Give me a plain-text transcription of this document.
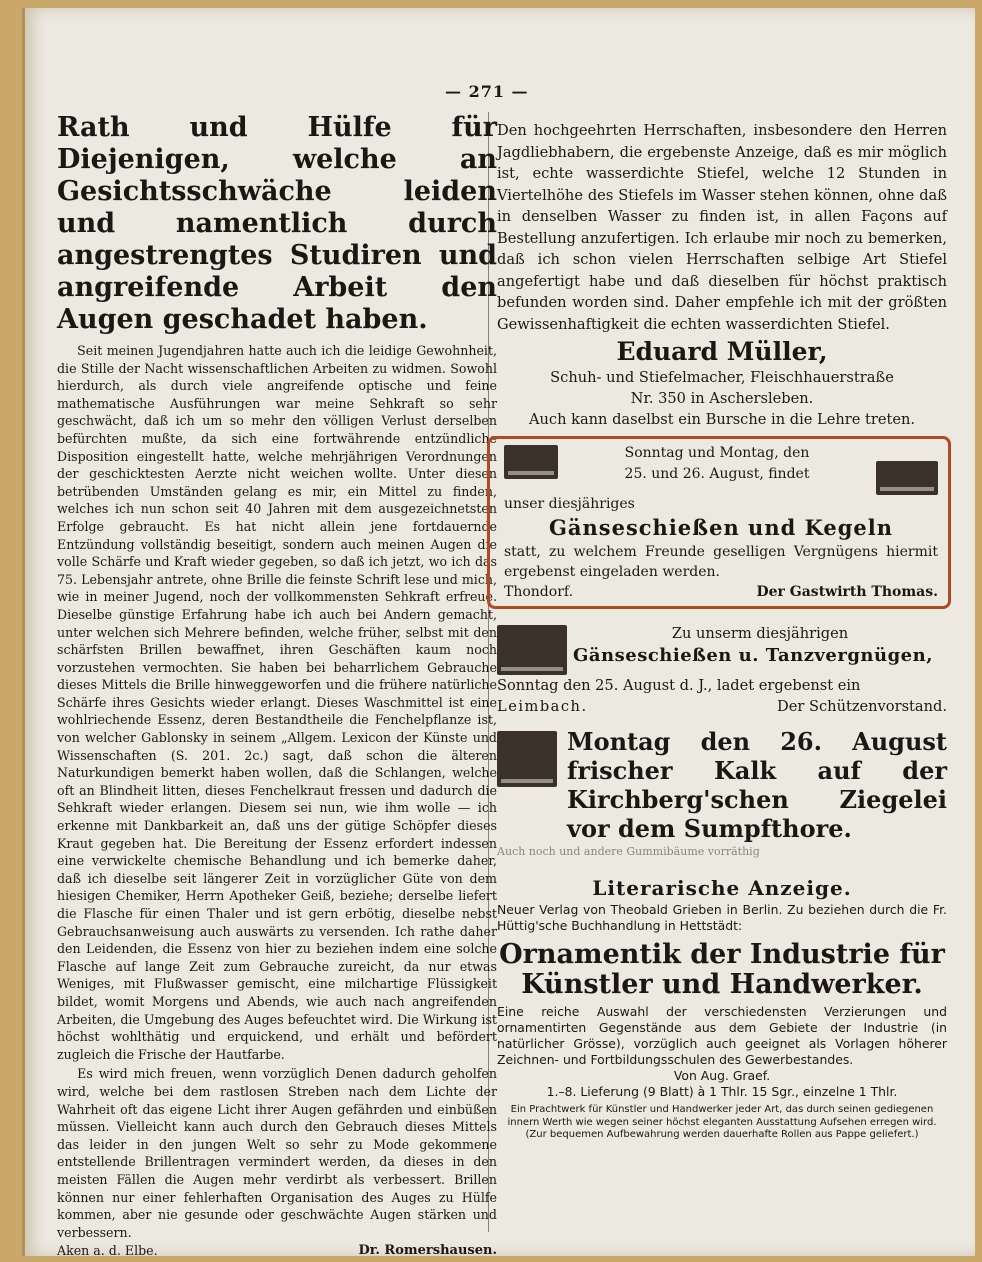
— 271 —
Rath und Hülfe für Diejenigen, welche an Gesichtsschwäche leiden und namentlich durch angestrengtes Studiren und angreifende Arbeit den Augen geschadet haben.

Seit meinen Jugendjahren hatte auch ich die leidige Gewohnheit, die Stille der Nacht wissenschaftlichen Arbeiten zu widmen. Sowohl hierdurch, als durch viele angreifende optische und feine mathematische Ausführungen war meine Sehkraft so sehr geschwächt, daß ich um so mehr den völligen Verlust derselben befürchten mußte, da sich eine fortwährende entzündliche Disposition eingestellt hatte, welche mehrjährigen Verordnungen der geschicktesten Aerzte nicht weichen wollte. Unter diesen betrübenden Umständen gelang es mir, ein Mittel zu finden, welches ich nun schon seit 40 Jahren mit dem ausgezeichnetsten Erfolge gebraucht. Es hat nicht allein jene fortdauernde Entzündung vollständig beseitigt, sondern auch meinen Augen die volle Schärfe und Kraft wieder gegeben, so daß ich jetzt, wo ich das 75. Lebensjahr antrete, ohne Brille die feinste Schrift lese und mich, wie in meiner Jugend, noch der vollkommensten Sehkraft erfreue. Dieselbe günstige Erfahrung habe ich auch bei Andern gemacht, unter welchen sich Mehrere befinden, welche früher, selbst mit den schärfsten Brillen bewaffnet, ihren Geschäften kaum noch vorzustehen vermochten. Sie haben bei beharrlichem Gebrauche dieses Mittels die Brille hinweggeworfen und die frühere natürliche Schärfe ihres Gesichts wieder erlangt. Dieses Waschmittel ist eine wohlriechende Essenz, deren Bestandtheile die Fenchelpflanze ist, von welcher Gablonsky in seinem „Allgem. Lexicon der Künste und Wissenschaften (S. 201. 2c.) sagt, daß schon die älteren Naturkundigen bemerkt haben wollen, daß die Schlangen, welche oft an Blindheit litten, dieses Fenchelkraut fressen und dadurch die Sehkraft wieder erlangen. Diesem sei nun, wie ihm wolle — ich erkenne mit Dankbarkeit an, daß uns der gütige Schöpfer dieses Kraut gegeben hat. Die Bereitung der Essenz erfordert indessen eine verwickelte chemische Behandlung und ich bemerke daher, daß ich dieselbe seit längerer Zeit in vorzüglicher Güte von dem hiesigen Chemiker, Herrn Apotheker Geiß, beziehe; derselbe liefert die Flasche für einen Thaler und ist gern erbötig, dieselbe nebst Gebrauchsanweisung auch auswärts zu versenden. Ich rathe daher den Leidenden, die Essenz von hier zu beziehen indem eine solche Flasche auf lange Zeit zum Gebrauche zureicht, da nur etwas Weniges, mit Flußwasser gemischt, eine milchartige Flüssigkeit bildet, womit Morgens und Abends, wie auch nach angreifenden Arbeiten, die Umgebung des Auges befeuchtet wird. Die Wirkung ist höchst wohlthätig und erquickend, und erhält und befördert zugleich die Frische der Hautfarbe.

Es wird mich freuen, wenn vorzüglich Denen dadurch geholfen wird, welche bei dem rastlosen Streben nach dem Lichte der Wahrheit oft das eigene Licht ihrer Augen gefährden und einbüßen müssen. Vielleicht kann auch durch den Gebrauch dieses Mittels das leider in den jungen Welt so sehr zu Mode gekommene entstellende Brillentragen vermindert werden, da dieses in den meisten Fällen die Augen mehr verdirbt als verbessert. Brillen können nur einer fehlerhaften Organisation des Auges zu Hülfe kommen, aber nie gesunde oder geschwächte Augen stärken und verbessern.

Aken a. d. Elbe.	Dr. Romershausen.

Den hochgeehrten Herrschaften, insbesondere den Herren Jagdliebhabern, die ergebenste Anzeige, daß es mir möglich ist, echte wasserdichte Stiefel, welche 12 Stunden in Viertelhöhe des Stiefels im Wasser stehen können, ohne daß in denselben Wasser zu finden ist, in allen Façons auf Bestellung anzufertigen. Ich erlaube mir noch zu bemerken, daß ich schon vielen Herrschaften selbige Art Stiefel angefertigt habe und daß dieselben für höchst praktisch befunden worden sind. Daher empfehle ich mit der größten Gewissenhaftigkeit die echten wasserdichten Stiefel.

Eduard Müller,

Schuh- und Stiefelmacher, Fleischhauerstraße

Nr. 350 in Aschersleben.

Auch kann daselbst ein Bursche in die Lehre treten.

Sonntag und Montag, den
25. und 26. August, findet
unser diesjähriges
Gänseschießen und Kegeln
statt, zu welchem Freunde geselligen Vergnügens hiermit ergebenst eingeladen werden.
Thondorf.	Der Gastwirth Thomas.
Zu unserm diesjährigen
Gänseschießen u. Tanzvergnügen,

Sonntag den 25. August d. J., ladet ergebenst ein

Leimbach.	Der Schützenvorstand.
Montag den 26. August frischer Kalk auf der Kirchberg'schen Ziegelei vor dem Sumpfthore.

Auch noch und andere Gummibäume vorräthig

Literarische Anzeige.

Neuer Verlag von Theobald Grieben in Berlin. Zu beziehen durch die Fr. Hüttig'sche Buchhandlung in Hettstädt:

Ornamentik der Industrie für Künstler und Handwerker.

Eine reiche Auswahl der verschiedensten Verzierungen und ornamentirten Gegenstände aus dem Gebiete der Industrie (in natürlicher Grösse), vorzüglich auch geeignet als Vorlagen höherer Zeichnen- und Fortbildungsschulen des Gewerbestandes.

Von Aug. Graef.

1.–8. Lieferung (9 Blatt) à 1 Thlr. 15 Sgr., einzelne 1 Thlr.

Ein Prachtwerk für Künstler und Handwerker jeder Art, das durch seinen gediegenen innern Werth wie wegen seiner höchst eleganten Ausstattung Aufsehen erregen wird. (Zur bequemen Aufbewahrung werden dauerhafte Rollen aus Pappe geliefert.)
